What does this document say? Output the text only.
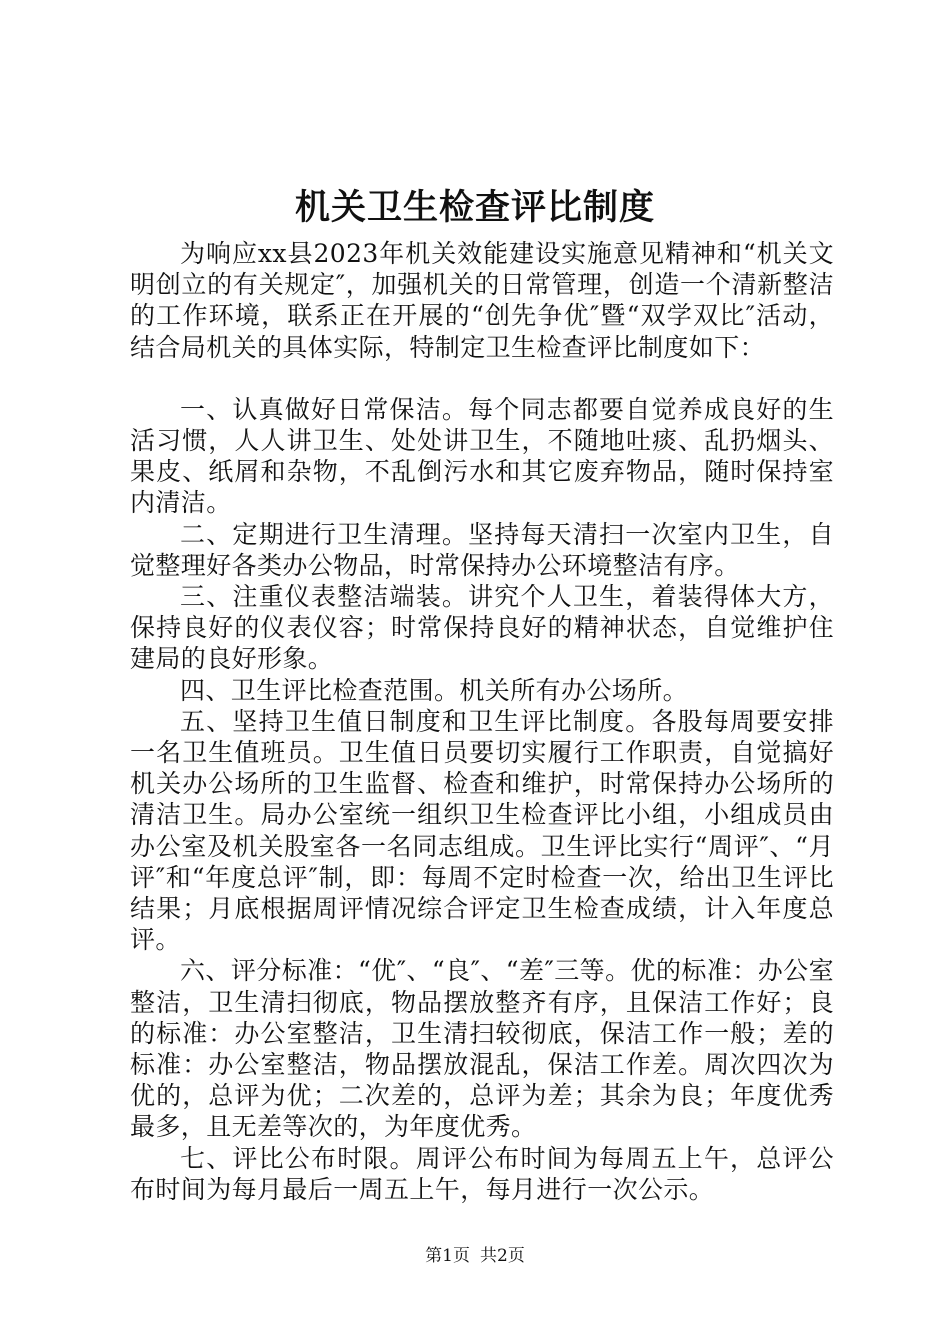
机关卫生检查评比制度

为响应xx县2023年机关效能建设实施意见精神和“机关文明创立的有关规定″，加强机关的日常管理，创造一个清新整洁的工作环境，联系正在开展的“创先争优″暨“双学双比″活动，结合局机关的具体实际，特制定卫生检查评比制度如下：

一、认真做好日常保洁。每个同志都要自觉养成良好的生活习惯，人人讲卫生、处处讲卫生，不随地吐痰、乱扔烟头、果皮、纸屑和杂物，不乱倒污水和其它废弃物品，随时保持室内清洁。

二、定期进行卫生清理。坚持每天清扫一次室内卫生，自觉整理好各类办公物品，时常保持办公环境整洁有序。

三、注重仪表整洁端装。讲究个人卫生，着装得体大方，保持良好的仪表仪容；时常保持良好的精神状态，自觉维护住建局的良好形象。

四、卫生评比检查范围。机关所有办公场所。

五、坚持卫生值日制度和卫生评比制度。各股每周要安排一名卫生值班员。卫生值日员要切实履行工作职责，自觉搞好机关办公场所的卫生监督、检查和维护，时常保持办公场所的清洁卫生。局办公室统一组织卫生检查评比小组，小组成员由办公室及机关股室各一名同志组成。卫生评比实行“周评″、“月评″和“年度总评″制，即：每周不定时检查一次，给出卫生评比结果；月底根据周评情况综合评定卫生检查成绩，计入年度总评。

六、评分标准：“优″、“良″、“差″三等。优的标准：办公室整洁，卫生清扫彻底，物品摆放整齐有序，且保洁工作好；良的标准：办公室整洁，卫生清扫较彻底，保洁工作一般；差的标准：办公室整洁，物品摆放混乱，保洁工作差。周次四次为优的，总评为优；二次差的，总评为差；其余为良；年度优秀最多，且无差等次的，为年度优秀。

七、评比公布时限。周评公布时间为每周五上午，总评公布时间为每月最后一周五上午，每月进行一次公示。

第1页 共2页
